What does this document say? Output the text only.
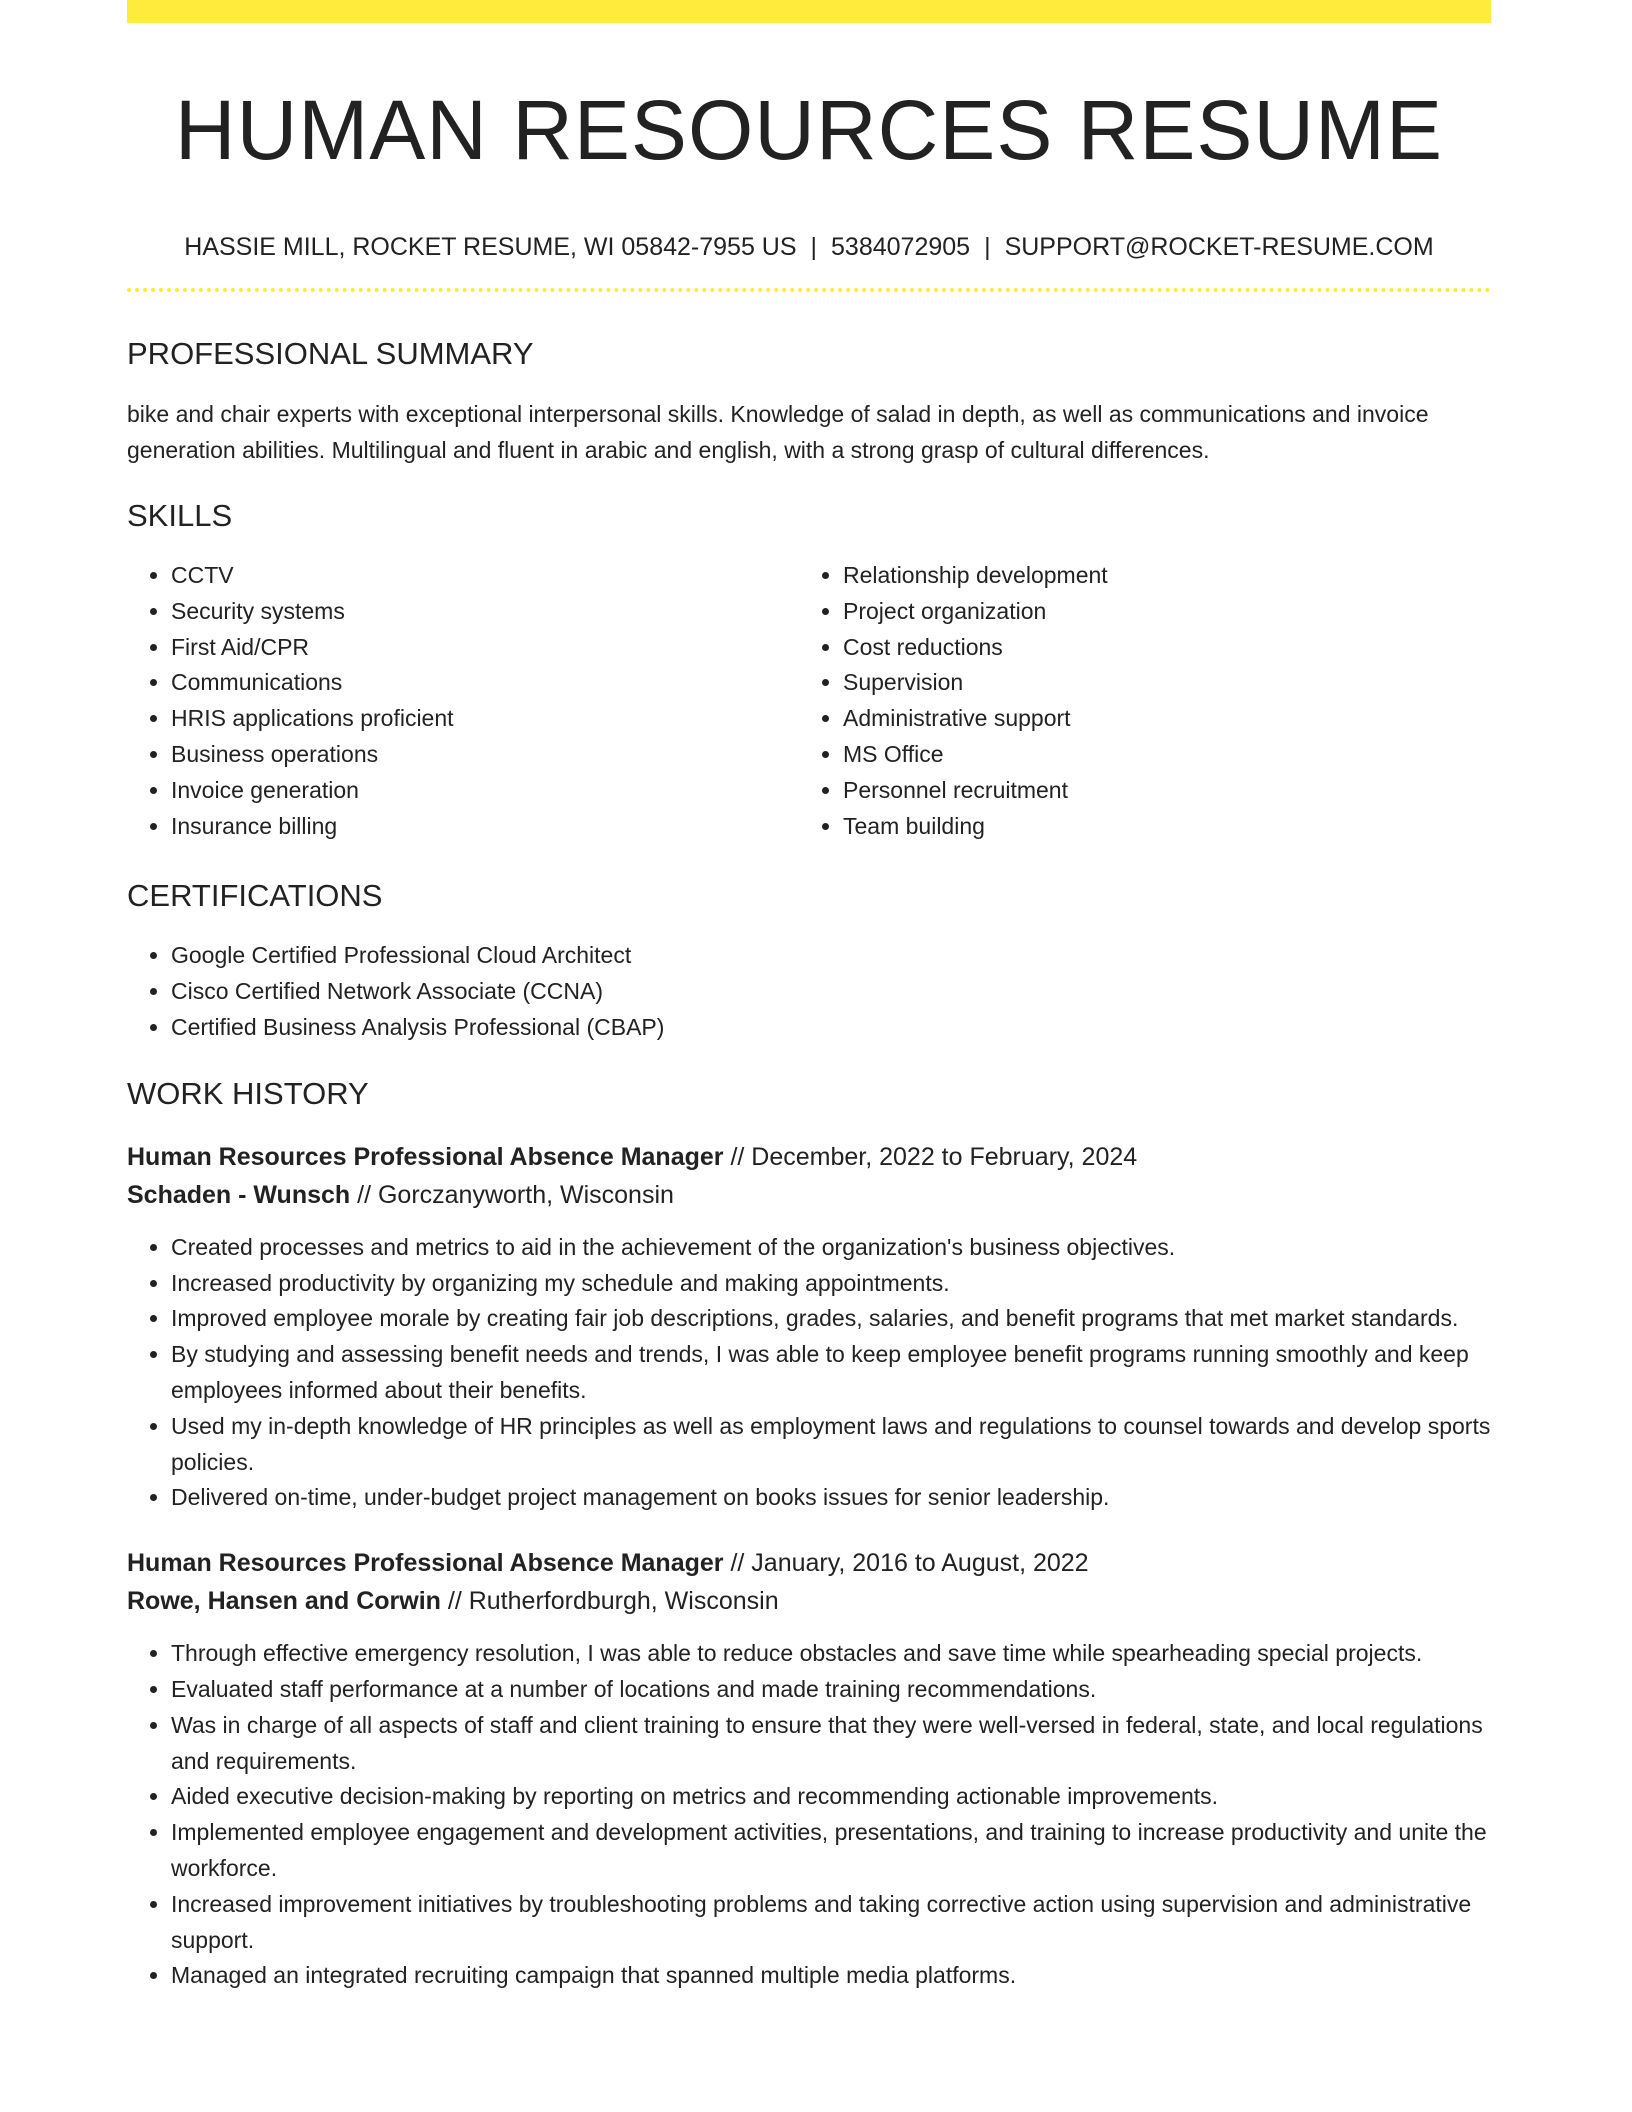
HUMAN RESOURCES RESUME
HASSIE MILL, ROCKET RESUME, WI 05842-7955 US | 5384072905 | SUPPORT@ROCKET-RESUME.COM
PROFESSIONAL SUMMARY

bike and chair experts with exceptional interpersonal skills. Knowledge of salad in depth, as well as communications and invoice generation abilities. Multilingual and fluent in arabic and english, with a strong grasp of cultural differences.

SKILLS
• CCTV
• Security systems
• First Aid/CPR
• Communications
• HRIS applications proficient
• Business operations
• Invoice generation
• Insurance billing
• Relationship development
• Project organization
• Cost reductions
• Supervision
• Administrative support
• MS Office
• Personnel recruitment
• Team building
CERTIFICATIONS
• Google Certified Professional Cloud Architect
• Cisco Certified Network Associate (CCNA)
• Certified Business Analysis Professional (CBAP)
WORK HISTORY
Human Resources Professional Absence Manager // December, 2022 to February, 2024
Schaden - Wunsch // Gorczanyworth, Wisconsin
• Created processes and metrics to aid in the achievement of the organization's business objectives.
• Increased productivity by organizing my schedule and making appointments.
• Improved employee morale by creating fair job descriptions, grades, salaries, and benefit programs that met market standards.
• By studying and assessing benefit needs and trends, I was able to keep employee benefit programs running smoothly and keep employees informed about their benefits.
• Used my in-depth knowledge of HR principles as well as employment laws and regulations to counsel towards and develop sports policies.
• Delivered on-time, under-budget project management on books issues for senior leadership.
Human Resources Professional Absence Manager // January, 2016 to August, 2022
Rowe, Hansen and Corwin // Rutherfordburgh, Wisconsin
• Through effective emergency resolution, I was able to reduce obstacles and save time while spearheading special projects.
• Evaluated staff performance at a number of locations and made training recommendations.
• Was in charge of all aspects of staff and client training to ensure that they were well-versed in federal, state, and local regulations and requirements.
• Aided executive decision-making by reporting on metrics and recommending actionable improvements.
• Implemented employee engagement and development activities, presentations, and training to increase productivity and unite the workforce.
• Increased improvement initiatives by troubleshooting problems and taking corrective action using supervision and administrative support.
• Managed an integrated recruiting campaign that spanned multiple media platforms.
